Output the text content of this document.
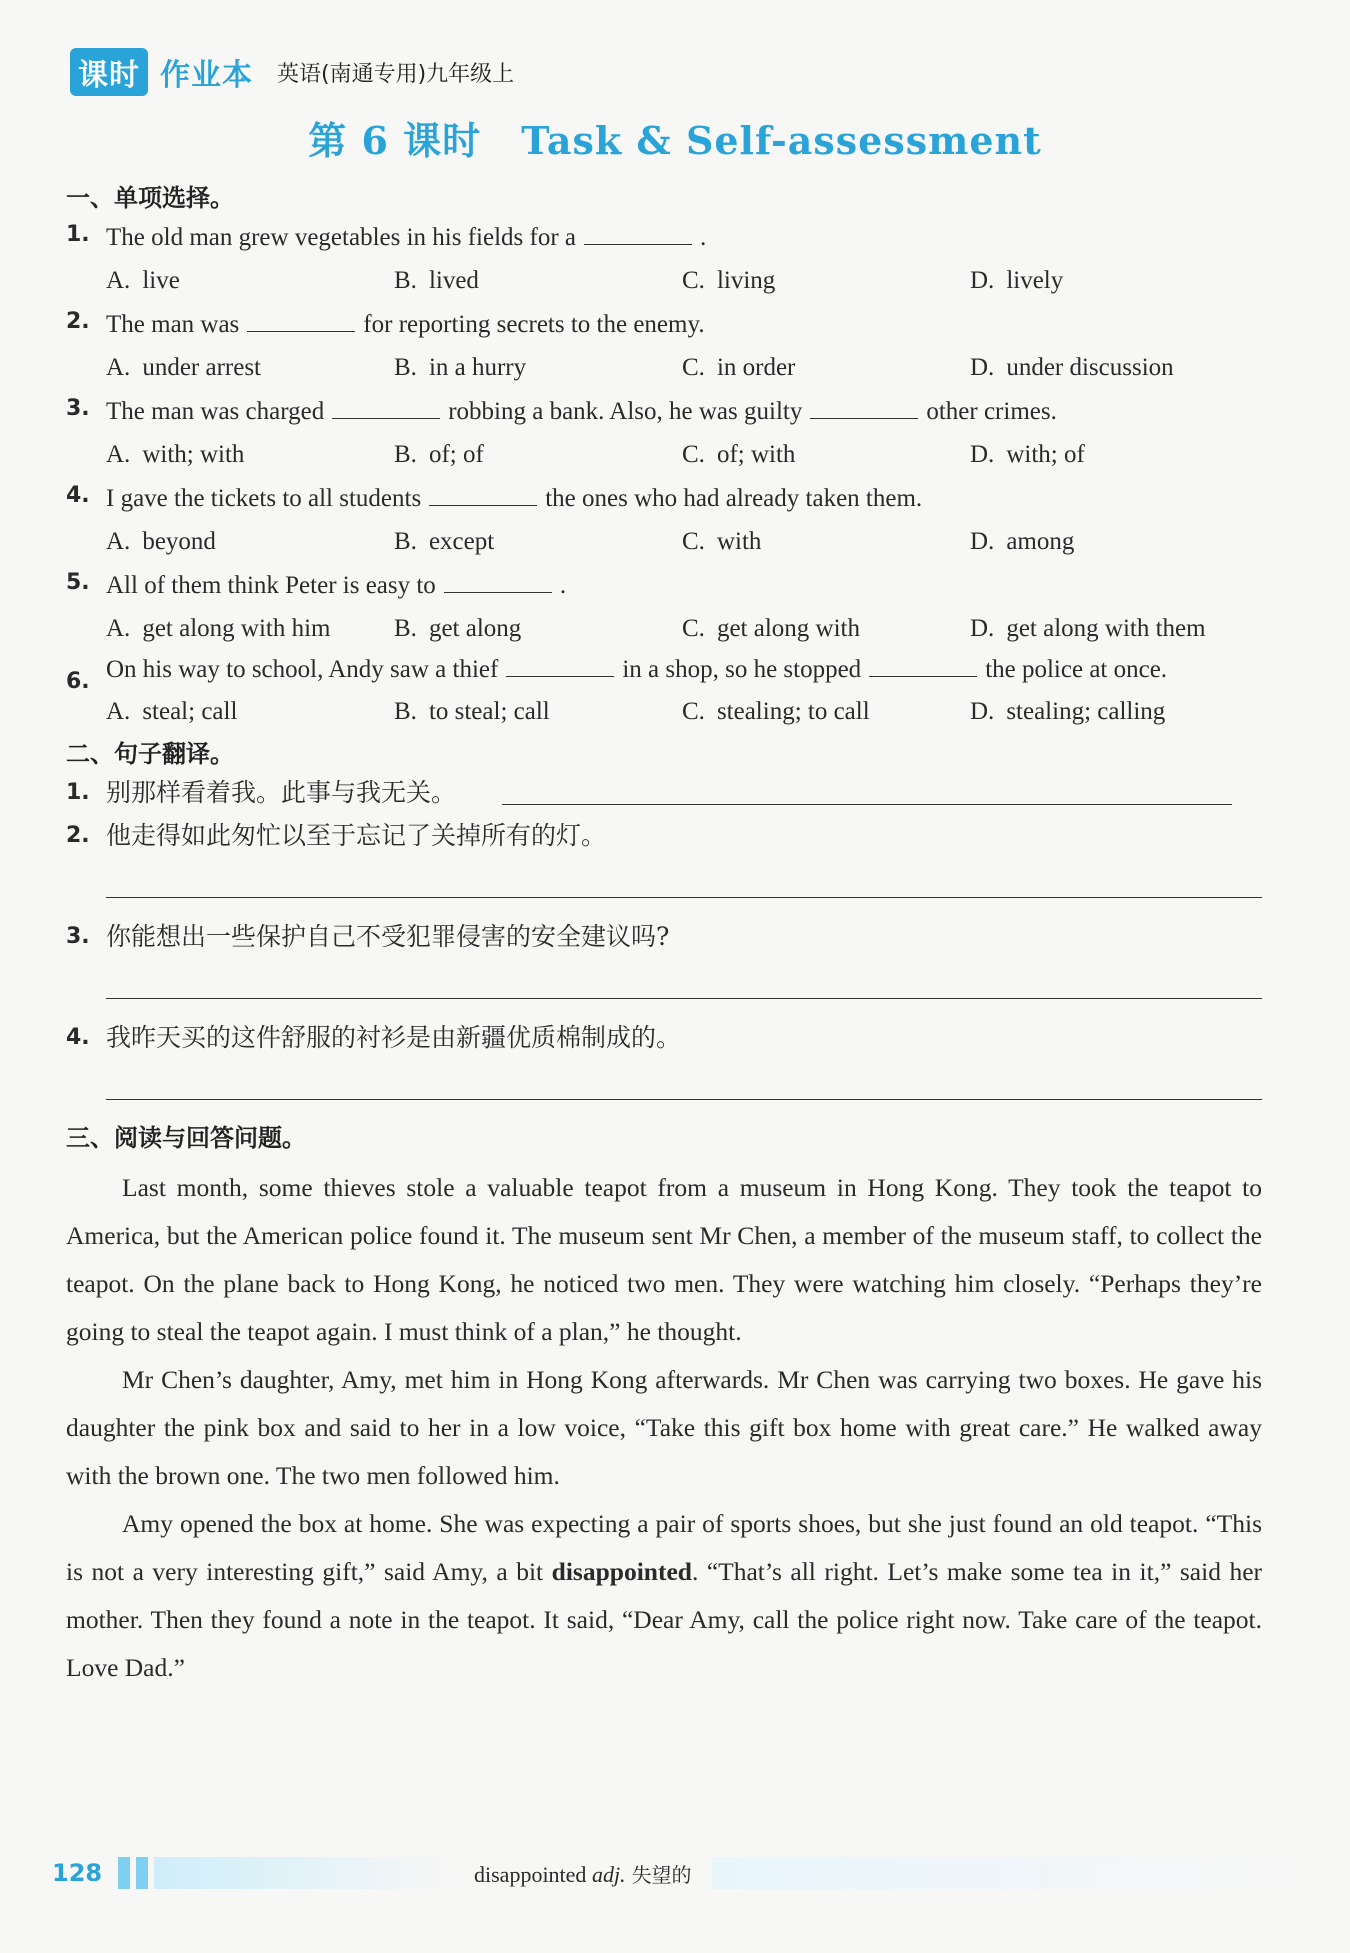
课时 作业本 英语(南通专用)九年级上
第 6 课时 Task & Self-assessment
一、单项选择。
1. The old man grew vegetables in his fields for a	.
A. live	B. lived	C. living	D. lively
2. The man was	for reporting secrets to the enemy.
A. under arrest	B. in a hurry	C. in order	D. under discussion
3. The man was charged	robbing a bank. Also, he was guilty	other crimes.
A. with; with	B. of; of	C. of; with	D. with; of
4. I gave the tickets to all students	the ones who had already taken them.
A. beyond	B. except	C. with	D. among
5. All of them think Peter is easy to	.
A. get along with him	B. get along	C. get along with	D. get along with them
6. On his way to school, Andy saw a thief	in a shop, so he stopped	the police at once.
A. steal; call	B. to steal; call	C. stealing; to call	D. stealing; calling
二、句子翻译。
1. 别那样看着我。此事与我无关。
2. 他走得如此匆忙以至于忘记了关掉所有的灯。
3. 你能想出一些保护自己不受犯罪侵害的安全建议吗?
4. 我昨天买的这件舒服的衬衫是由新疆优质棉制成的。
三、阅读与回答问题。

Last month, some thieves stole a valuable teapot from a museum in Hong Kong. They took the teapot to America, but the American police found it. The museum sent Mr Chen, a member of the museum staff, to collect the teapot. On the plane back to Hong Kong, he noticed two men. They were watching him closely. “Perhaps they’re going to steal the teapot again. I must think of a plan,” he thought.

Mr Chen’s daughter, Amy, met him in Hong Kong afterwards. Mr Chen was carrying two boxes. He gave his daughter the pink box and said to her in a low voice, “Take this gift box home with great care.” He walked away with the brown one. The two men followed him.

Amy opened the box at home. She was expecting a pair of sports shoes, but she just found an old teapot. “This is not a very interesting gift,” said Amy, a bit disappointed. “That’s all right. Let’s make some tea in it,” said her mother. Then they found a note in the teapot. It said, “Dear Amy, call the police right now. Take care of the teapot. Love Dad.”

128	disappointed adj. 失望的
